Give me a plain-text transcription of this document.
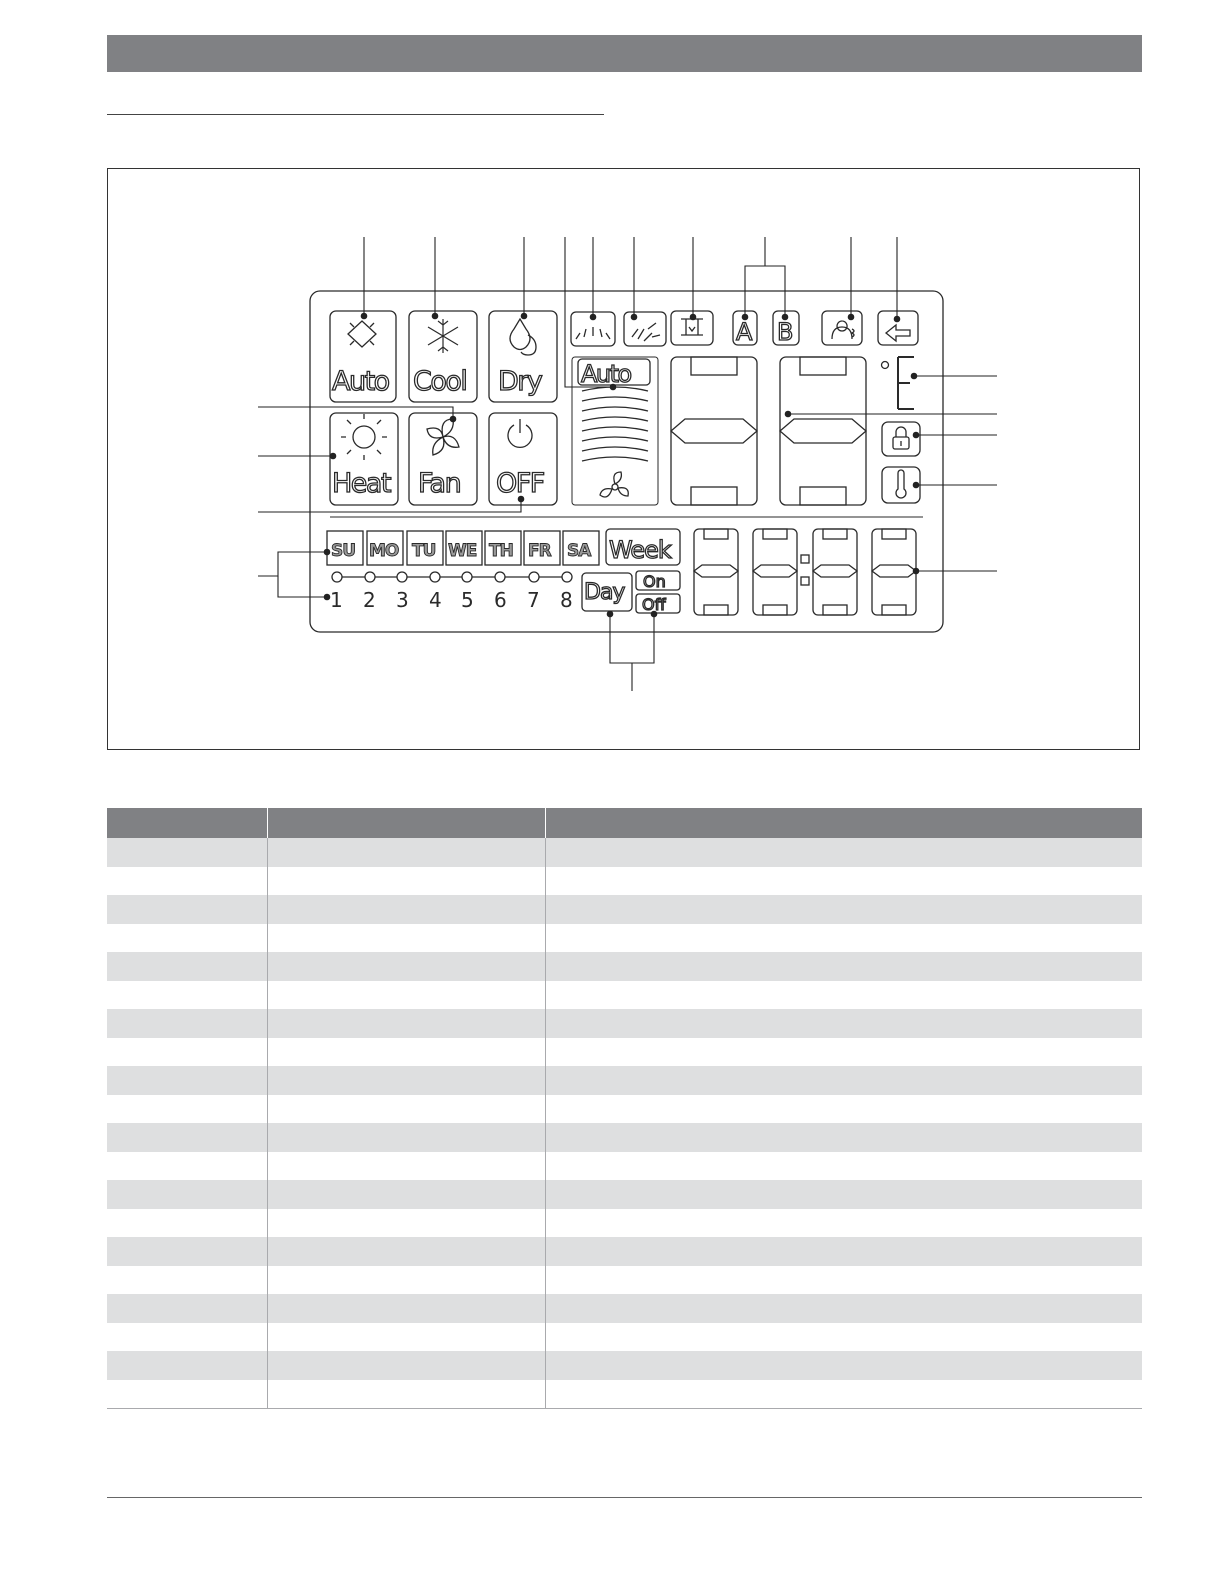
Auto Cool Dry
Heat Fan OFF
Auto
A B
SU MO TU WE TH FR SA Week
1 2 3 4 5 6 7 8 Day On
Off
